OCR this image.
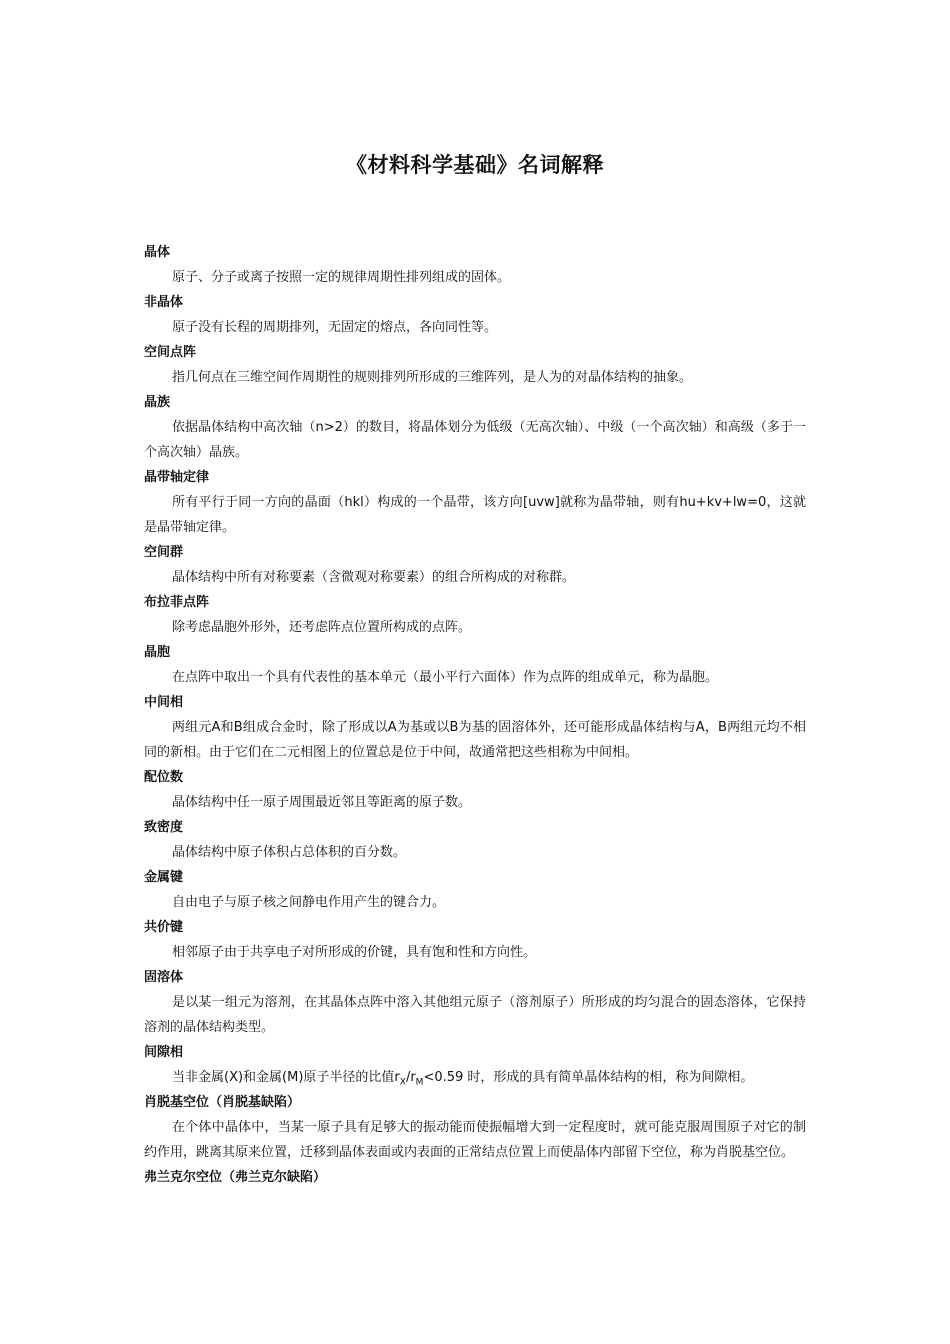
《材料科学基础》名词解释
晶体

原子、分子或离子按照一定的规律周期性排列组成的固体。

非晶体

原子没有长程的周期排列，无固定的熔点，各向同性等。

空间点阵

指几何点在三维空间作周期性的规则排列所形成的三维阵列，是人为的对晶体结构的抽象。

晶族

依据晶体结构中高次轴（n>2）的数目，将晶体划分为低级（无高次轴）、中级（一个高次轴）和高级（多于一个高次轴）晶族。

晶带轴定律

所有平行于同一方向的晶面（hkl）构成的一个晶带，该方向[uvw]就称为晶带轴，则有hu+kv+lw=0，这就是晶带轴定律。

空间群

晶体结构中所有对称要素（含微观对称要素）的组合所构成的对称群。

布拉菲点阵

除考虑晶胞外形外，还考虑阵点位置所构成的点阵。

晶胞

在点阵中取出一个具有代表性的基本单元（最小平行六面体）作为点阵的组成单元，称为晶胞。

中间相

两组元A和B组成合金时，除了形成以A为基或以B为基的固溶体外，还可能形成晶体结构与A，B两组元均不相同的新相。由于它们在二元相图上的位置总是位于中间，故通常把这些相称为中间相。

配位数

晶体结构中任一原子周围最近邻且等距离的原子数。

致密度

晶体结构中原子体积占总体积的百分数。

金属键

自由电子与原子核之间静电作用产生的键合力。

共价键

相邻原子由于共享电子对所形成的价键，具有饱和性和方向性。

固溶体

是以某一组元为溶剂，在其晶体点阵中溶入其他组元原子（溶剂原子）所形成的均匀混合的固态溶体，它保持溶剂的晶体结构类型。

间隙相

当非金属(X)和金属(M)原子半径的比值$r_X/r_M<0.59$ 时，形成的具有简单晶体结构的相，称为间隙相。

肖脱基空位（肖脱基缺陷）

在个体中晶体中，当某一原子具有足够大的振动能而使振幅增大到一定程度时，就可能克服周围原子对它的制约作用，跳离其原来位置，迁移到晶体表面或内表面的正常结点位置上而使晶体内部留下空位，称为肖脱基空位。

弗兰克尔空位（弗兰克尔缺陷）
